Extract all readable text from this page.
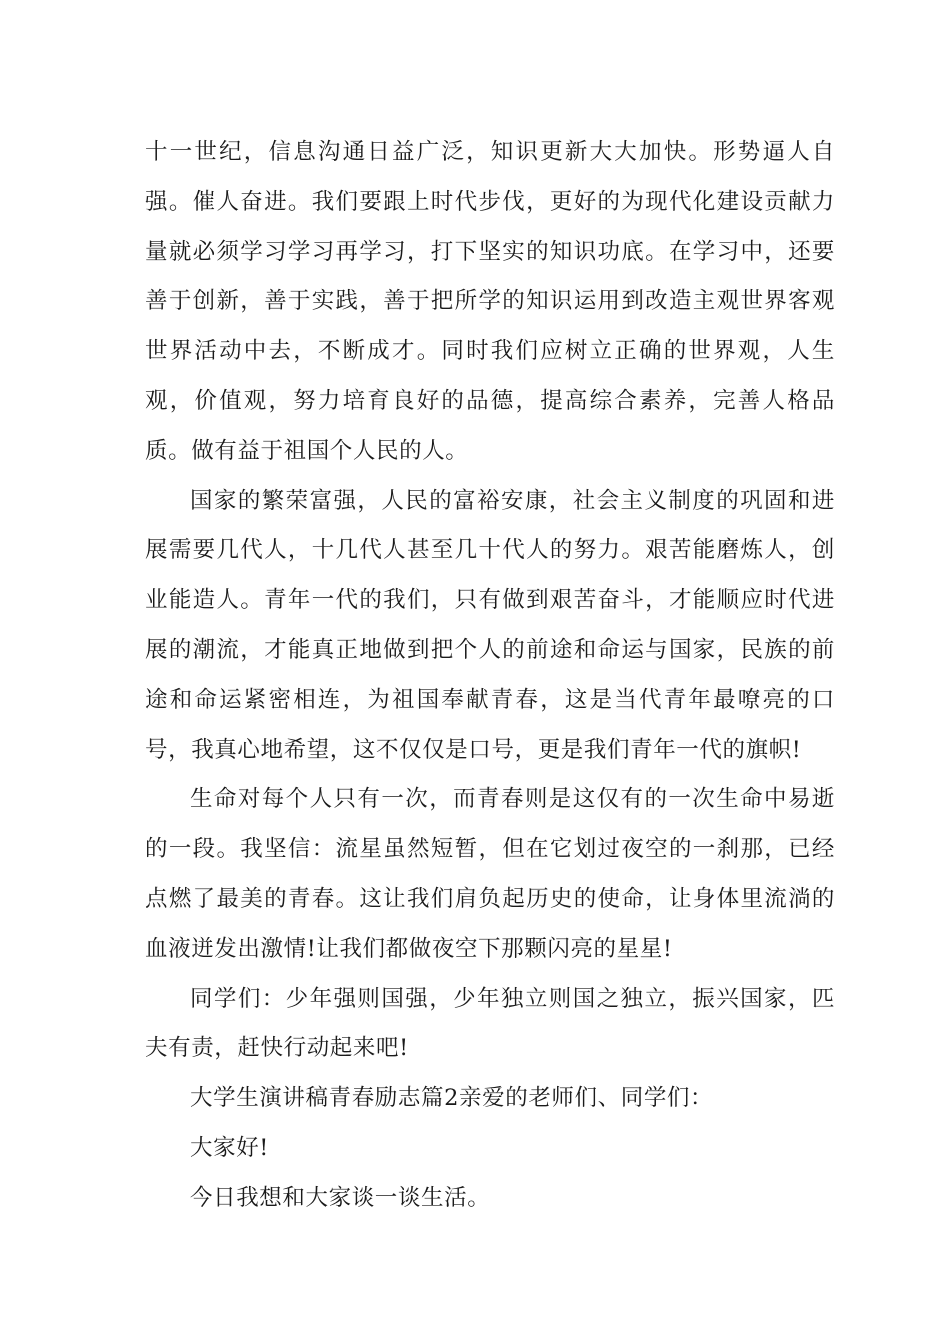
十一世纪，信息沟通日益广泛，知识更新大大加快。形势逼人自强。催人奋进。我们要跟上时代步伐，更好的为现代化建设贡献力量就必须学习学习再学习，打下坚实的知识功底。在学习中，还要善于创新，善于实践，善于把所学的知识运用到改造主观世界客观世界活动中去，不断成才。同时我们应树立正确的世界观，人生观，价值观，努力培育良好的品德，提高综合素养，完善人格品质。做有益于祖国个人民的人。

国家的繁荣富强，人民的富裕安康，社会主义制度的巩固和进展需要几代人，十几代人甚至几十代人的努力。艰苦能磨炼人，创业能造人。青年一代的我们，只有做到艰苦奋斗，才能顺应时代进展的潮流，才能真正地做到把个人的前途和命运与国家，民族的前途和命运紧密相连，为祖国奉献青春，这是当代青年最嘹亮的口号，我真心地希望，这不仅仅是口号，更是我们青年一代的旗帜!

生命对每个人只有一次，而青春则是这仅有的一次生命中易逝的一段。我坚信：流星虽然短暂，但在它划过夜空的一刹那，已经点燃了最美的青春。这让我们肩负起历史的使命，让身体里流淌的血液迸发出激情!让我们都做夜空下那颗闪亮的星星!

同学们：少年强则国强，少年独立则国之独立，振兴国家，匹夫有责，赶快行动起来吧!

大学生演讲稿青春励志篇2亲爱的老师们、同学们：

大家好!

今日我想和大家谈一谈生活。
